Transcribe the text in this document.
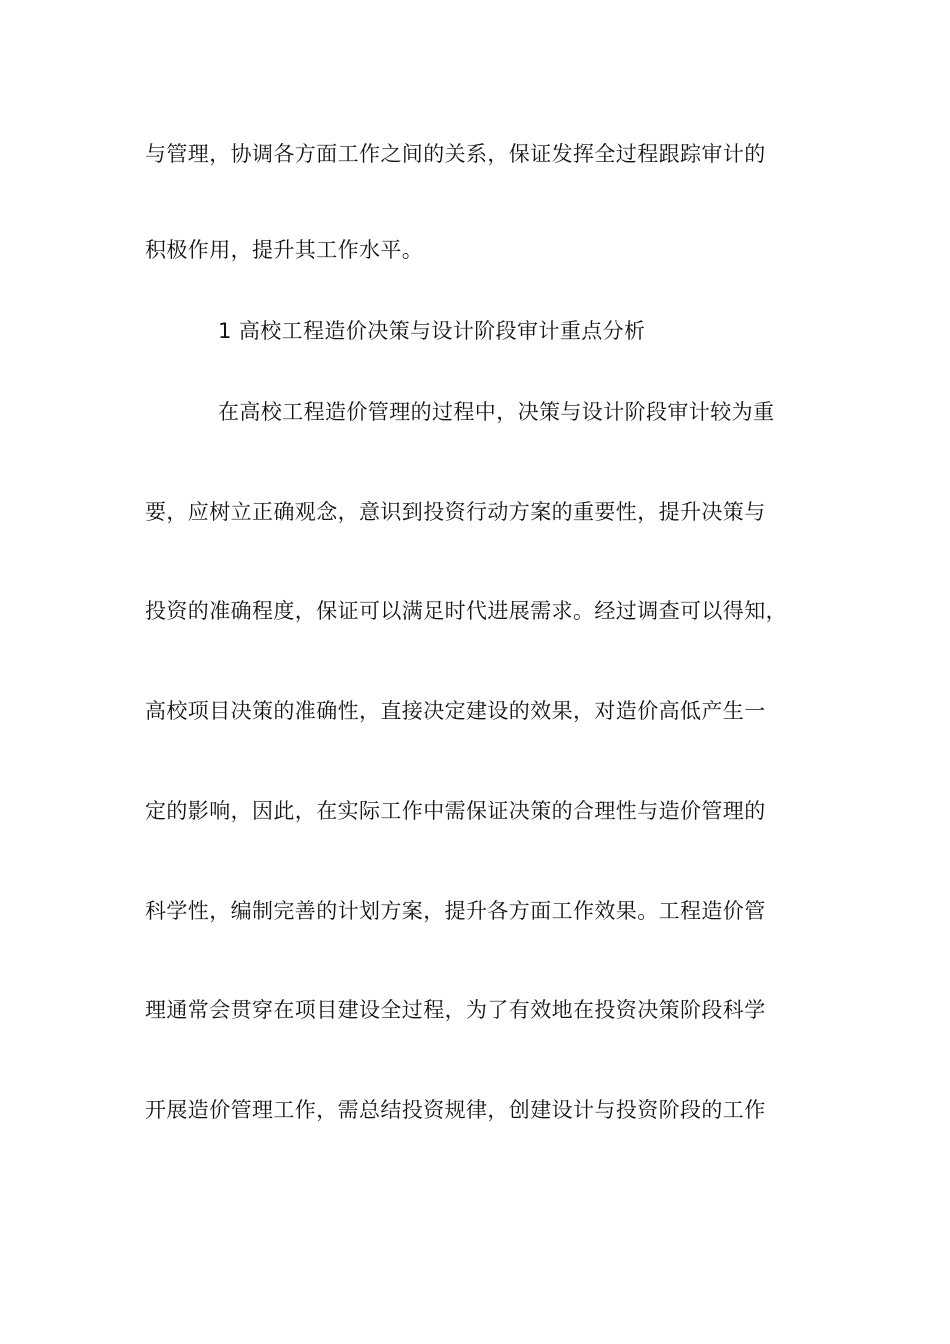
与管理，协调各方面工作之间的关系，保证发挥全过程跟踪审计的
积极作用，提升其工作水平。
1 高校工程造价决策与设计阶段审计重点分析
在高校工程造价管理的过程中，决策与设计阶段审计较为重
要，应树立正确观念，意识到投资行动方案的重要性，提升决策与
投资的准确程度，保证可以满足时代进展需求。经过调查可以得知，
高校项目决策的准确性，直接决定建设的效果，对造价高低产生一
定的影响，因此，在实际工作中需保证决策的合理性与造价管理的
科学性，编制完善的计划方案，提升各方面工作效果。工程造价管
理通常会贯穿在项目建设全过程，为了有效地在投资决策阶段科学
开展造价管理工作，需总结投资规律，创建设计与投资阶段的工作
